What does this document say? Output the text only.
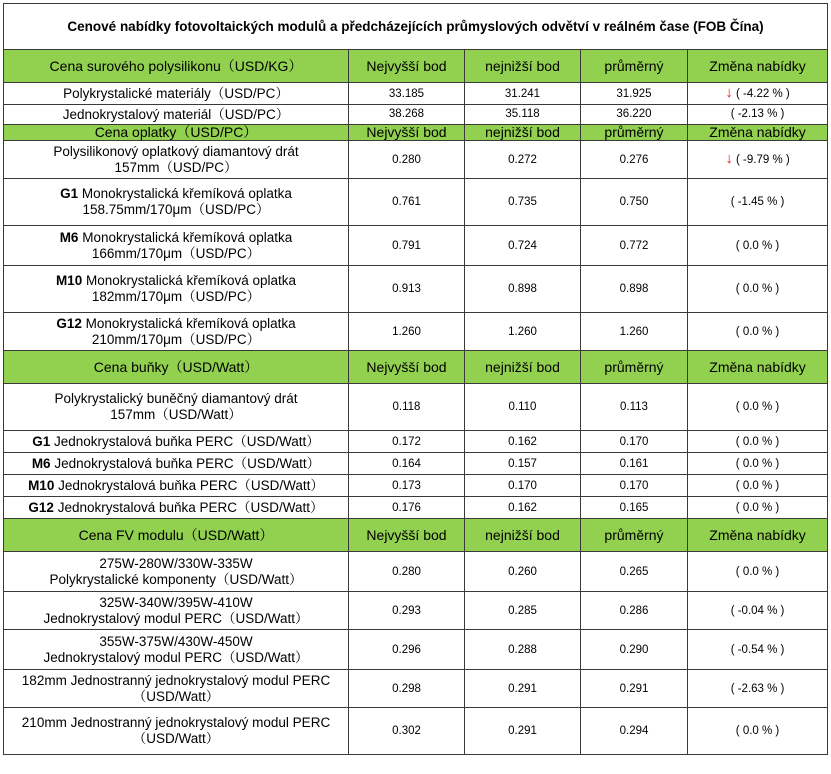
Cenové nabídky fotovoltaických modulů a předcházejících průmyslových odvětví v reálném čase (FOB Čína)				
Cena surového polysilikonu（USD/KG）	Nejvyšší bod	nejnižší bod	průměrný	Změna nabídky
Polykrystalické materiály（USD/PC）	33.185	31.241	31.925	↓ ( -4.22 % )
Jednokrystalový materiál（USD/PC）	38.268	35.118	36.220	( -2.13 % )
Cena oplatky（USD/PC）	Nejvyšší bod	nejnižší bod	průměrný	Změna nabídky

Polysilikonový oplatkový diamantový drát
157mm（USD/PC）	0.280	0.272	0.276	↓ ( -9.79 % )

G1 Monokrystalická křemíková oplatka
158.75mm/170μm（USD/PC）	0.761	0.735	0.750	( -1.45 % )

M6 Monokrystalická křemíková oplatka
166mm/170μm（USD/PC）	0.791	0.724	0.772	( 0.0 % )

M10 Monokrystalická křemíková oplatka
182mm/170μm（USD/PC）	0.913	0.898	0.898	( 0.0 % )

G12 Monokrystalická křemíková oplatka
210mm/170μm（USD/PC）	1.260	1.260	1.260	( 0.0 % )
Cena buňky（USD/Watt）	Nejvyšší bod	nejnižší bod	průměrný	Změna nabídky

Polykrystalický buněčný diamantový drát
157mm（USD/Watt）	0.118	0.110	0.113	( 0.0 % )
G1 Jednokrystalová buňka PERC（USD/Watt）	0.172	0.162	0.170	( 0.0 % )
M6 Jednokrystalová buňka PERC（USD/Watt）	0.164	0.157	0.161	( 0.0 % )
M10 Jednokrystalová buňka PERC（USD/Watt）	0.173	0.170	0.170	( 0.0 % )
G12 Jednokrystalová buňka PERC（USD/Watt）	0.176	0.162	0.165	( 0.0 % )
Cena FV modulu（USD/Watt）	Nejvyšší bod	nejnižší bod	průměrný	Změna nabídky

275W-280W/330W-335W
Polykrystalické komponenty（USD/Watt）	0.280	0.260	0.265	( 0.0 % )

325W-340W/395W-410W
Jednokrystalový modul PERC（USD/Watt）	0.293	0.285	0.286	( -0.04 % )

355W-375W/430W-450W
Jednokrystalový modul PERC（USD/Watt）	0.296	0.288	0.290	( -0.54 % )

182mm Jednostranný jednokrystalový modul PERC
（USD/Watt）	0.298	0.291	0.291	( -2.63 % )

210mm Jednostranný jednokrystalový modul PERC
（USD/Watt）	0.302	0.291	0.294	( 0.0 % )
